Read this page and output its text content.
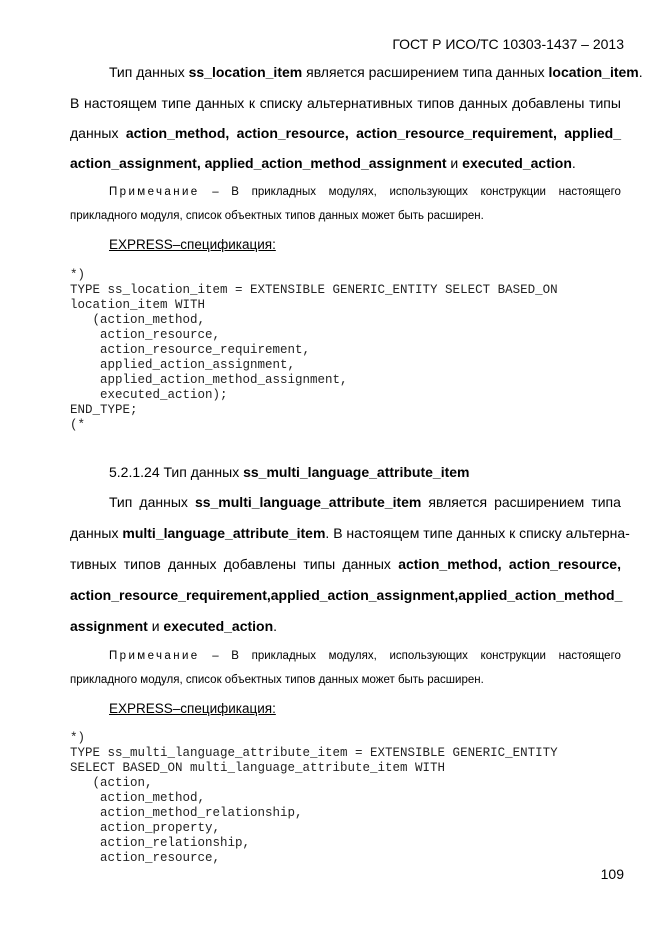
ГОСТ Р ИСО/ТС 10303-1437 – 2013
Тип данных ss_location_item является расширением типа данных location_item.
В настоящем типе данных к списку альтернативных типов данных добавлены типы
данных action_method, action_resource, action_resource_requirement, applied_
action_assignment, applied_action_method_assignment и executed_action.
Примечание – В прикладных модулях, использующих конструкции настоящего
прикладного модуля, список объектных типов данных может быть расширен.
EXPRESS–спецификация:
*)
TYPE ss_location_item = EXTENSIBLE GENERIC_ENTITY SELECT BASED_ON
location_item WITH
(action_method,
action_resource,
action_resource_requirement,
applied_action_assignment,
applied_action_method_assignment,
executed_action);
END_TYPE;
(*
5.2.1.24 Тип данных ss_multi_language_attribute_item
Тип данных ss_multi_language_attribute_item является расширением типа
данных multi_language_attribute_item. В настоящем типе данных к списку альтерна-
тивных типов данных добавлены типы данных action_method, action_resource,
action_resource_requirement, applied_action_assignment, applied_action_method_
assignment и executed_action.
Примечание – В прикладных модулях, использующих конструкции настоящего
прикладного модуля, список объектных типов данных может быть расширен.
EXPRESS–спецификация:
*)
TYPE ss_multi_language_attribute_item = EXTENSIBLE GENERIC_ENTITY
SELECT BASED_ON multi_language_attribute_item WITH
(action,
action_method,
action_method_relationship,
action_property,
action_relationship,
action_resource,
109
